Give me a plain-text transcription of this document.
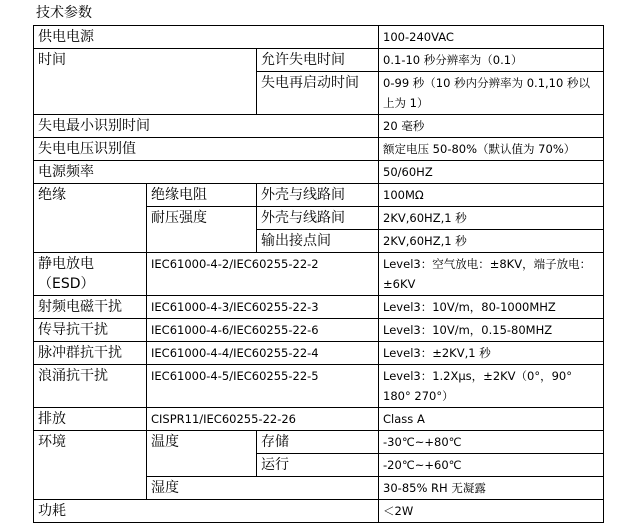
技术参数
供电电源			100-240VAC
时间		允许失电时间	0.1-10 秒分辨率为（0.1）
		失电再启动时间	0-99 秒（10 秒内分辨率为 0.1,10 秒以上为 1）
失电最小识别时间			20 毫秒
失电电压识别值			额定电压 50-80%（默认值为 70%）
电源频率			50/60HZ
绝缘	绝缘电阻	外壳与线路间	100MΩ
	耐压强度	外壳与线路间	2KV,60HZ,1 秒
		输出接点间	2KV,60HZ,1 秒
静电放电（ESD）	IEC61000-4-2/IEC60255-22-2		Level3：空气放电：±8KV，端子放电：±6KV
射频电磁干扰	IEC61000-4-3/IEC60255-22-3		Level3：10V/m，80-1000MHZ
传导抗干扰	IEC61000-4-6/IEC60255-22-6		Level3：10V/m，0.15-80MHZ
脉冲群抗干扰	IEC61000-4-4/IEC60255-22-4		Level3：±2KV,1 秒
浪涌抗干扰	IEC61000-4-5/IEC60255-22-5		Level3：1.2Xμs，±2KV（0°，90° 180° 270°）
排放	CISPR11/IEC60255-22-26		Class A
环境	温度	存储	-30℃~+80℃
		运行	-20℃~+60℃
	湿度		30-85% RH 无凝露
功耗			＜2W
